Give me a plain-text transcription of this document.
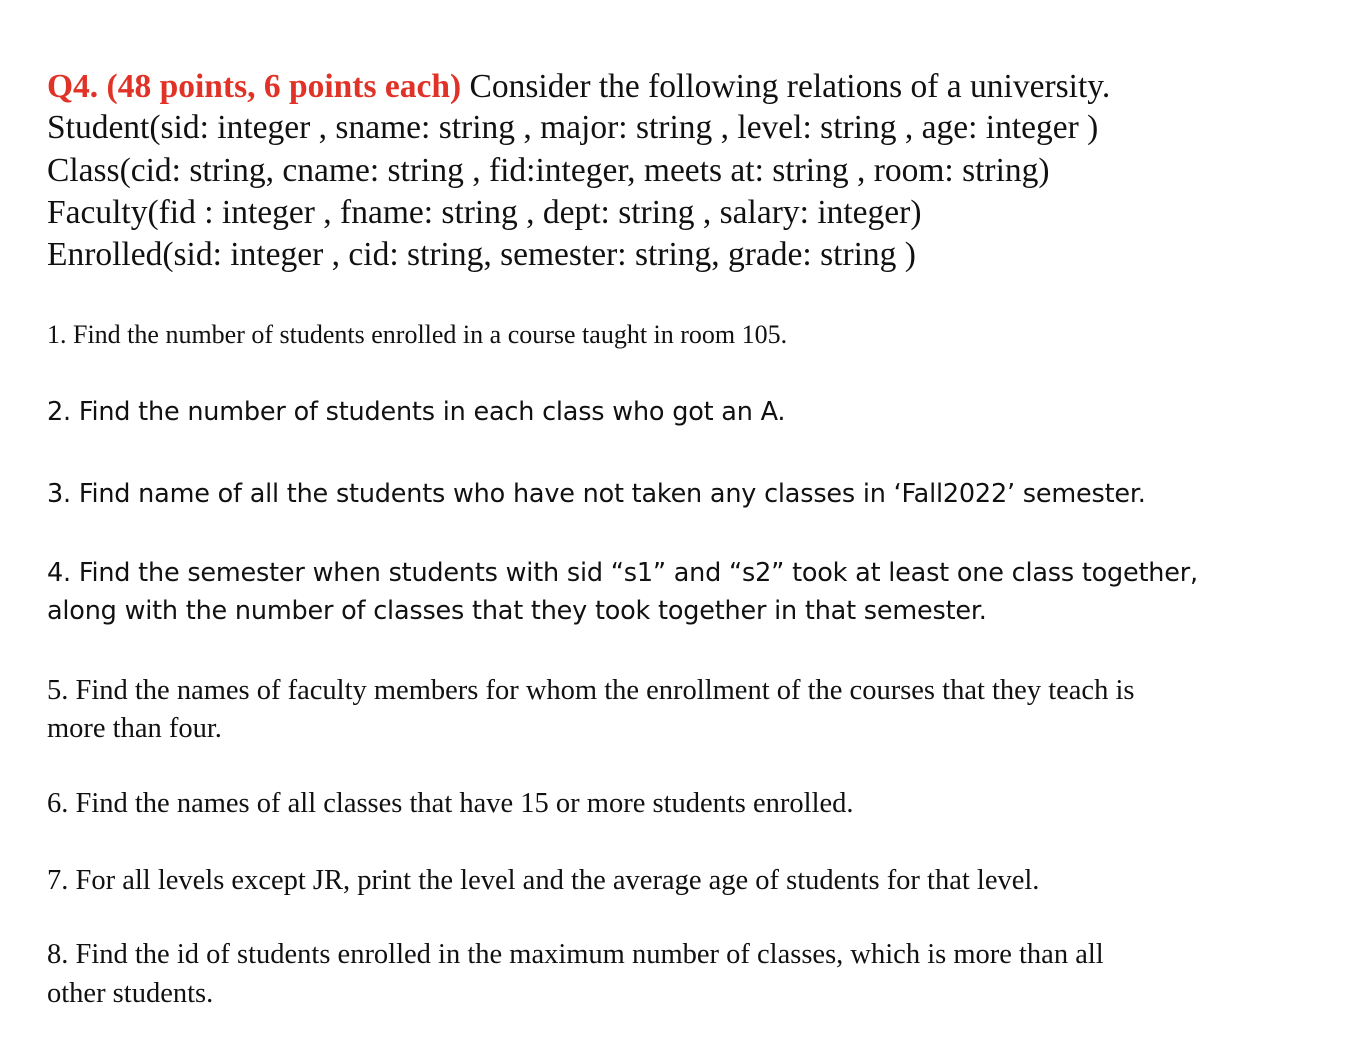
Q4. (48 points, 6 points each) Consider the following relations of a university.

Student(sid: integer , sname: string , major: string , level: string , age: integer )

Class(cid: string, cname: string , fid:integer, meets at: string , room: string)

Faculty(fid : integer , fname: string , dept: string , salary: integer)

Enrolled(sid: integer , cid: string, semester: string, grade: string )

1. Find the number of students enrolled in a course taught in room 105.

2. Find the number of students in each class who got an A.

3. Find name of all the students who have not taken any classes in ‘Fall2022’ semester.

4. Find the semester when students with sid “s1” and “s2” took at least one class together,

along with the number of classes that they took together in that semester.

5. Find the names of faculty members for whom the enrollment of the courses that they teach is

more than four.

6. Find the names of all classes that have 15 or more students enrolled.

7. For all levels except JR, print the level and the average age of students for that level.

8. Find the id of students enrolled in the maximum number of classes, which is more than all

other students.
